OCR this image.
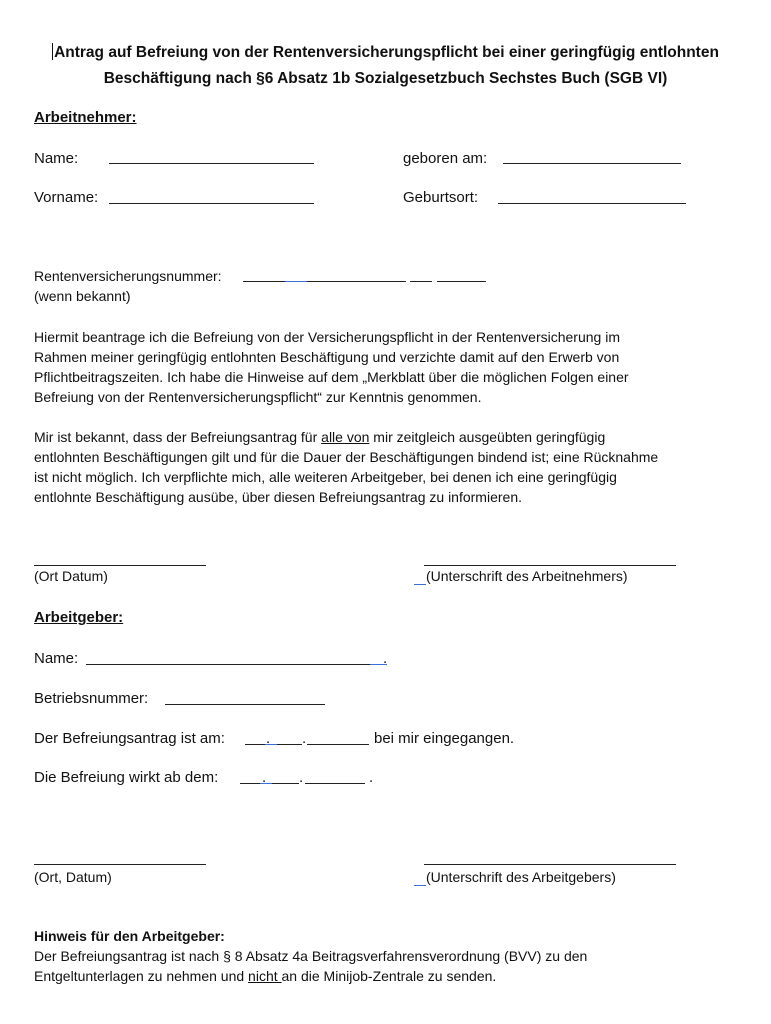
Antrag auf Befreiung von der Rentenversicherungspflicht bei einer geringfügig entlohnten
Beschäftigung nach §6 Absatz 1b Sozialgesetzbuch Sechstes Buch (SGB VI)
Arbeitnehmer:
Name:	geboren am:
Vorname:	Geburtsort:
Rentenversicherungsnummer:
(wenn bekannt)
Hiermit beantrage ich die Befreiung von der Versicherungspflicht in der Rentenversicherung im
Rahmen meiner geringfügig entlohnten Beschäftigung und verzichte damit auf den Erwerb von
Pflichtbeitragszeiten. Ich habe die Hinweise auf dem „Merkblatt über die möglichen Folgen einer
Befreiung von der Rentenversicherungspflicht“ zur Kenntnis genommen.
Mir ist bekannt, dass der Befreiungsantrag für alle von mir zeitgleich ausgeübten geringfügig
entlohnten Beschäftigungen gilt und für die Dauer der Beschäftigungen bindend ist; eine Rücknahme
ist nicht möglich. Ich verpflichte mich, alle weiteren Arbeitgeber, bei denen ich eine geringfügig
entlohnte Beschäftigung ausübe, über diesen Befreiungsantrag zu informieren.
(Ort Datum)	(Unterschrift des Arbeitnehmers)
Arbeitgeber:
Name:	.
Betriebsnummer:
Der Befreiungsantrag ist am:	. .	bei mir eingegangen.
Die Befreiung wirkt ab dem:	. .	.
(Ort, Datum)	(Unterschrift des Arbeitgebers)
Hinweis für den Arbeitgeber:
Der Befreiungsantrag ist nach § 8 Absatz 4a Beitragsverfahrensverordnung (BVV) zu den
Entgeltunterlagen zu nehmen und nicht an die Minijob-Zentrale zu senden.
